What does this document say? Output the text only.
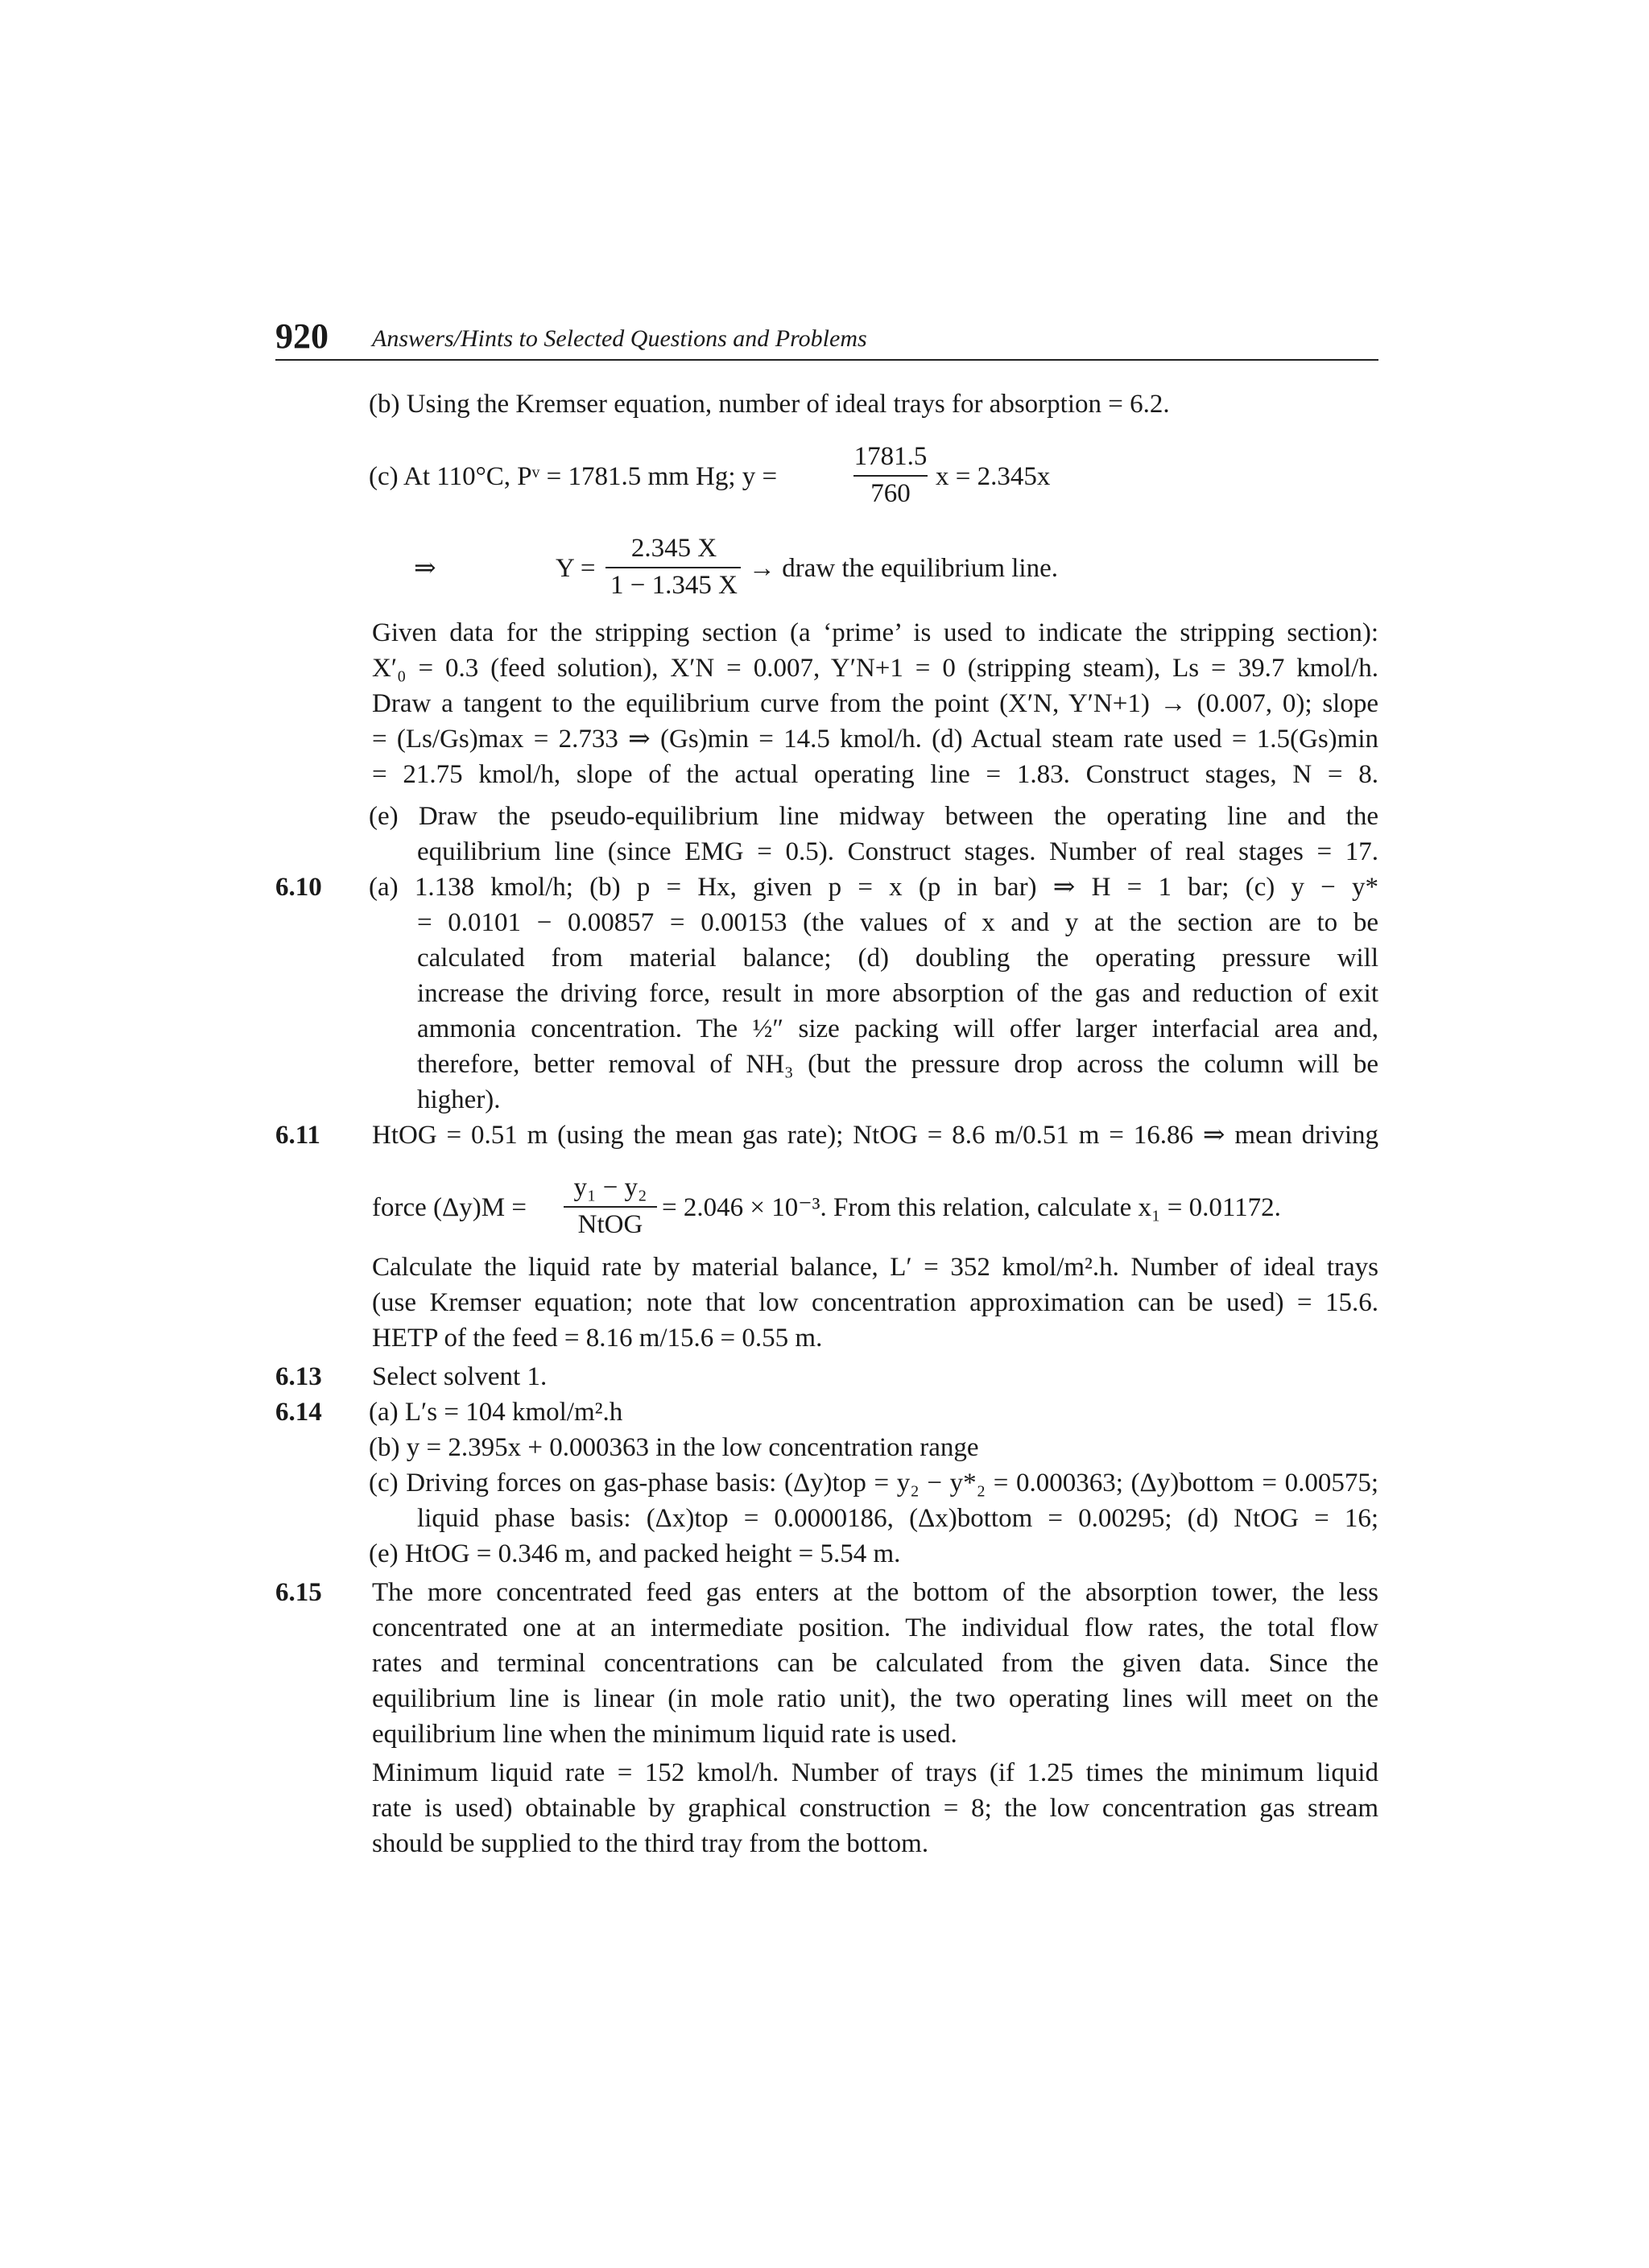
920 Answers/Hints to Selected Questions and Problems
(b) Using the Kremser equation, number of ideal trays for absorption = 6.2.
(c) At 110°C, Pᵛ = 1781.5 mm Hg; y =
1781.5
760
x = 2.345x
⇒	Y =
2.345 X
1 − 1.345 X
→ draw the equilibrium line.
Given data for the stripping section (a ‘prime’ is used to indicate the stripping section):
X′₀ = 0.3 (feed solution), X′N = 0.007, Y′N+1 = 0 (stripping steam), Ls = 39.7 kmol/h.
Draw a tangent to the equilibrium curve from the point (X′N, Y′N+1) → (0.007, 0); slope
= (Ls/Gs)max = 2.733 ⇒ (Gs)min = 14.5 kmol/h. (d) Actual steam rate used = 1.5(Gs)min
= 21.75 kmol/h, slope of the actual operating line = 1.83. Construct stages, N = 8.
(e) Draw the pseudo-equilibrium line midway between the operating line and the
equilibrium line (since EMG = 0.5). Construct stages. Number of real stages = 17.
6.10 (a) 1.138 kmol/h; (b) p = Hx, given p = x (p in bar) ⇒ H = 1 bar; (c) y − y*
= 0.0101 − 0.00857 = 0.00153 (the values of x and y at the section are to be
calculated from material balance; (d) doubling the operating pressure will
increase the driving force, result in more absorption of the gas and reduction of exit
ammonia concentration. The ½″ size packing will offer larger interfacial area and,
therefore, better removal of NH₃ (but the pressure drop across the column will be
higher).
6.11 HtOG = 0.51 m (using the mean gas rate); NtOG = 8.6 m/0.51 m = 16.86 ⇒ mean driving
force (Δy)M =
y₁ − y₂
NtOG
= 2.046 × 10⁻³. From this relation, calculate x₁ = 0.01172.
Calculate the liquid rate by material balance, L′ = 352 kmol/m².h. Number of ideal trays
(use Kremser equation; note that low concentration approximation can be used) = 15.6.
HETP of the feed = 8.16 m/15.6 = 0.55 m.
6.13 Select solvent 1.
6.14 (a) L′s = 104 kmol/m².h
(b) y = 2.395x + 0.000363 in the low concentration range
(c) Driving forces on gas-phase basis: (Δy)top = y₂ − y*₂ = 0.000363; (Δy)bottom = 0.00575;
liquid phase basis: (Δx)top = 0.0000186, (Δx)bottom = 0.00295; (d) NtOG = 16;
(e) HtOG = 0.346 m, and packed height = 5.54 m.
6.15 The more concentrated feed gas enters at the bottom of the absorption tower, the less
concentrated one at an intermediate position. The individual flow rates, the total flow
rates and terminal concentrations can be calculated from the given data. Since the
equilibrium line is linear (in mole ratio unit), the two operating lines will meet on the
equilibrium line when the minimum liquid rate is used.
Minimum liquid rate = 152 kmol/h. Number of trays (if 1.25 times the minimum liquid
rate is used) obtainable by graphical construction = 8; the low concentration gas stream
should be supplied to the third tray from the bottom.
